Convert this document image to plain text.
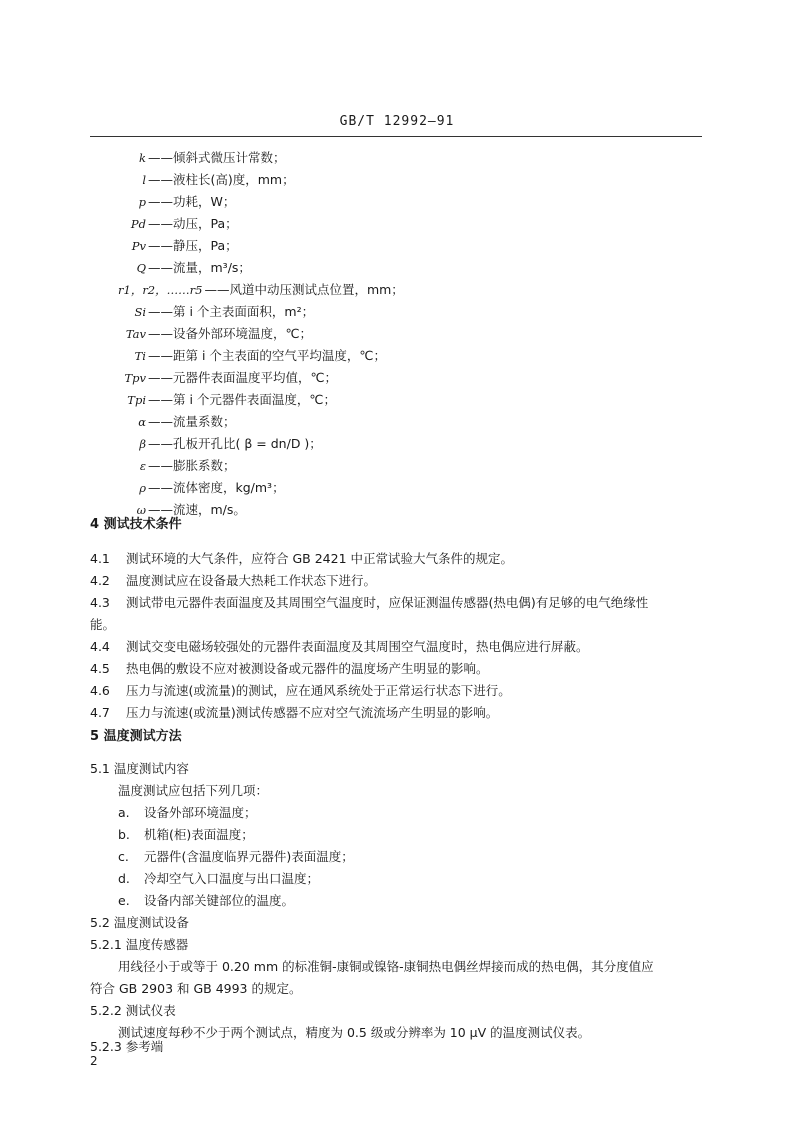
GB/T 12992—91
k ——倾斜式微压计常数；
l ——液柱长(高)度，mm；
p ——功耗，W；
Pd ——动压，Pa；
Pv ——静压，Pa；
Q ——流量，m³/s；
r1，r2，……r5 ——风道中动压测试点位置，mm；
Si ——第 i 个主表面面积，m²；
Tav ——设备外部环境温度，℃；
Ti ——距第 i 个主表面的空气平均温度，℃；
Tpv ——元器件表面温度平均值，℃；
Tpi ——第 i 个元器件表面温度，℃；
α ——流量系数；
β ——孔板开孔比( β = dn/D )；
ε ——膨胀系数；
ρ ——流体密度，kg/m³；
ω ——流速，m/s。
4 测试技术条件
4.1 测试环境的大气条件，应符合 GB 2421 中正常试验大气条件的规定。
4.2 温度测试应在设备最大热耗工作状态下进行。
4.3 测试带电元器件表面温度及其周围空气温度时，应保证测温传感器(热电偶)有足够的电气绝缘性
能。
4.4 测试交变电磁场较强处的元器件表面温度及其周围空气温度时，热电偶应进行屏蔽。
4.5 热电偶的敷设不应对被测设备或元器件的温度场产生明显的影响。
4.6 压力与流速(或流量)的测试，应在通风系统处于正常运行状态下进行。
4.7 压力与流速(或流量)测试传感器不应对空气流流场产生明显的影响。
5 温度测试方法
5.1 温度测试内容
温度测试应包括下列几项：
a. 设备外部环境温度；
b. 机箱(柜)表面温度；
c. 元器件(含温度临界元器件)表面温度；
d. 冷却空气入口温度与出口温度；
e. 设备内部关键部位的温度。
5.2 温度测试设备
5.2.1 温度传感器
用线径小于或等于 0.20 mm 的标准铜-康铜或镍铬-康铜热电偶丝焊接而成的热电偶，其分度值应
符合 GB 2903 和 GB 4993 的规定。
5.2.2 测试仪表
测试速度每秒不少于两个测试点，精度为 0.5 级或分辨率为 10 μV 的温度测试仪表。
5.2.3 参考端
2
